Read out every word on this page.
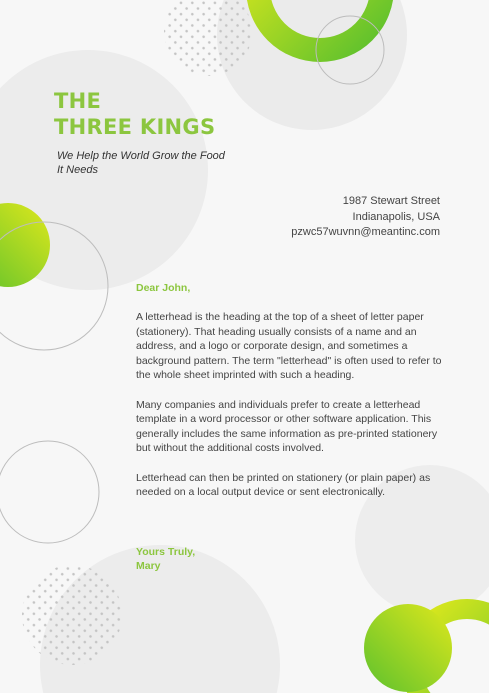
THE
THREE KINGS
We Help the World Grow the Food It Needs
1987 Stewart Street
Indianapolis, USA
pzwc57wuvnn@meantinc.com
Dear John,

A letterhead is the heading at the top of a sheet of letter paper (stationery). That heading usually consists of a name and an address, and a logo or corporate design, and sometimes a background pattern. The term "letterhead" is often used to refer to the whole sheet imprinted with such a heading.

Many companies and individuals prefer to create a letterhead template in a word processor or other software application. This generally includes the same information as pre-printed stationery but without the additional costs involved.

Letterhead can then be printed on stationery (or plain paper) as needed on a local output device or sent electronically.

Yours Truly,
Mary
